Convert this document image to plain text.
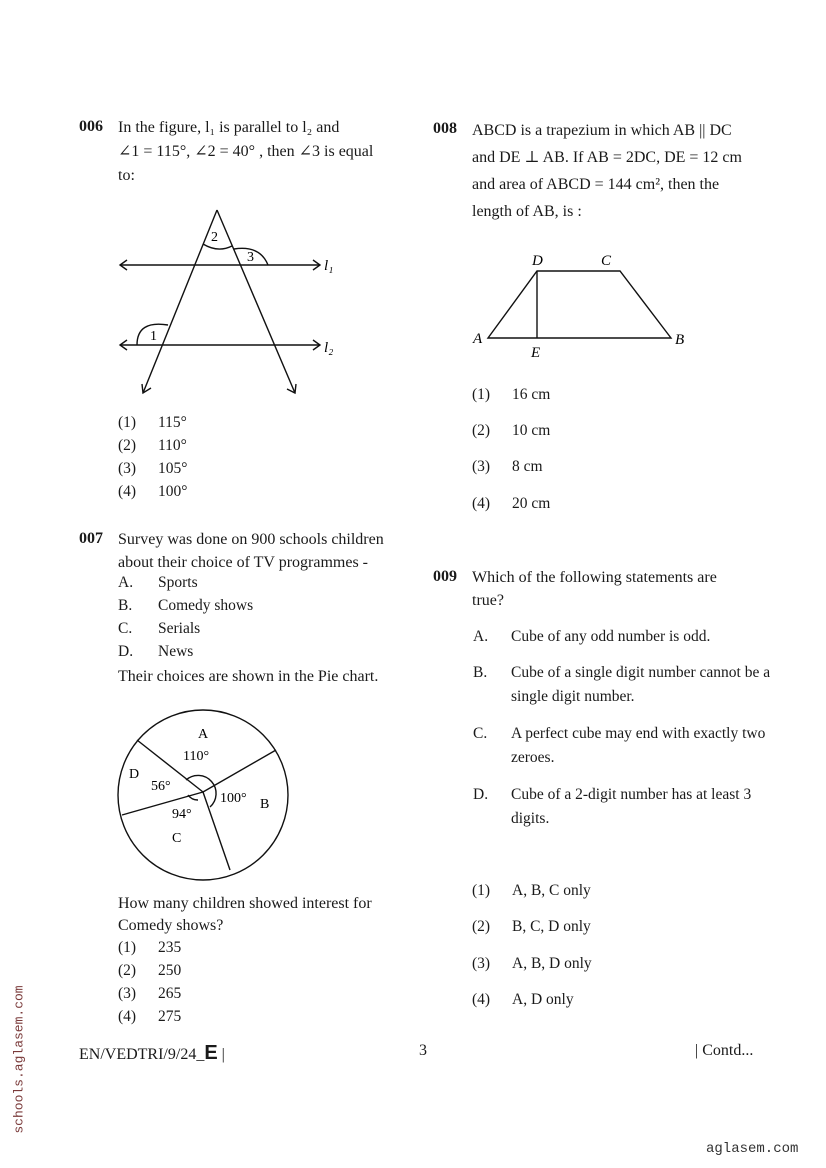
006 In the figure, l₁ is parallel to l₂ and
∠1 = 115°, ∠2 = 40° , then ∠3 is equal
to:
2
3
1
l₁
l₂
(1) 115°
(2) 110°
(3) 105°
(4) 100°
007 Survey was done on 900 schools children
about their choice of TV programmes -
A. Sports
B. Comedy shows
C. Serials
D. News
Their choices are shown in the Pie chart.
A
110°
B
100°
C
94°
D
56°
How many children showed interest for
Comedy shows?
(1) 235
(2) 250
(3) 265
(4) 275
008 ABCD is a trapezium in which AB || DC
and DE ⊥ AB. If AB = 2DC, DE = 12 cm
and area of ABCD = 144 cm², then the
length of AB, is :
D	C
A	B
E
(1) 16 cm
(2) 10 cm
(3) 8 cm
(4) 20 cm
009 Which of the following statements are
true?
A. Cube of any odd number is odd.
B. Cube of a single digit number cannot be a single digit number.
C. A perfect cube may end with exactly two zeroes.
D. Cube of a 2-digit number has at least 3 digits.
(1) A, B, C only
(2) B, C, D only
(3) A, B, D only
(4) A, D only
EN/VEDTRI/9/24_E |	3	| Contd...
schools.aglasem.com
aglasem.com
